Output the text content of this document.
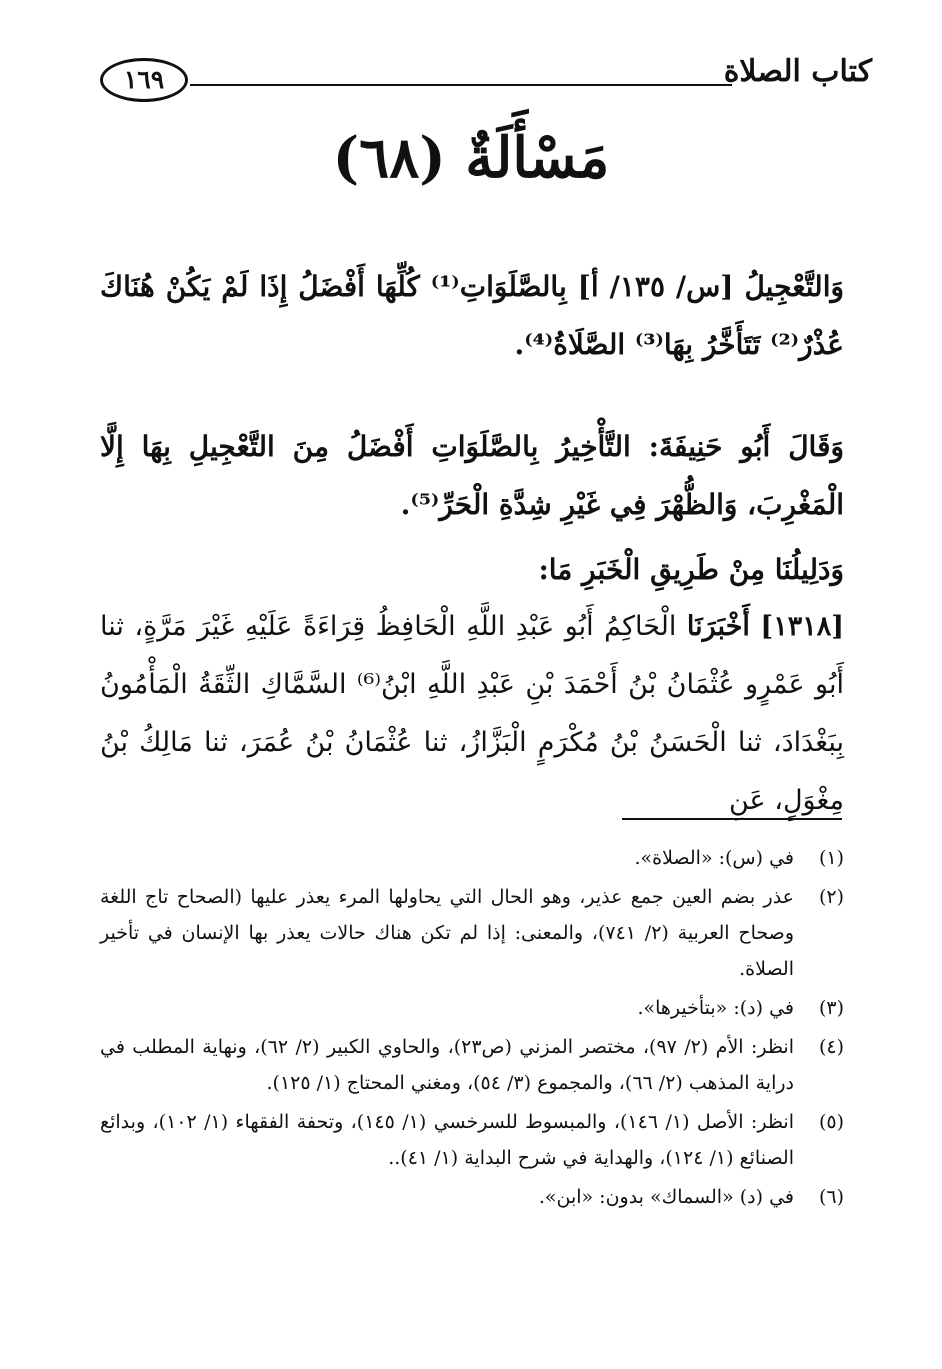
كتاب الصلاة
١٦٩
مَسْأَلَةٌ (٦٨)

وَالتَّعْجِيلُ [س/ ١٣٥/ أ] بِالصَّلَوَاتِ⁽¹⁾ كُلِّهَا أَفْضَلُ إِذَا لَمْ يَكُنْ هُنَاكَ عُذْرٌ⁽²⁾ تَتَأَخَّرُ بِهَا⁽³⁾ الصَّلَاةُ⁽⁴⁾.

وَقَالَ أَبُو حَنِيفَةَ: التَّأْخِيرُ بِالصَّلَوَاتِ أَفْضَلُ مِنَ التَّعْجِيلِ بِهَا إِلَّا الْمَغْرِبَ، وَالظُّهْرَ فِي غَيْرِ شِدَّةِ الْحَرِّ⁽⁵⁾.

وَدَلِيلُنَا مِنْ طَرِيقِ الْخَبَرِ مَا:

[١٣١٨] أَخْبَرَنَا الْحَاكِمُ أَبُو عَبْدِ اللَّهِ الْحَافِظُ قِرَاءَةً عَلَيْهِ غَيْرَ مَرَّةٍ، ثنا أَبُو عَمْرٍو عُثْمَانُ بْنُ أَحْمَدَ بْنِ عَبْدِ اللَّهِ ابْنُ⁽⁶⁾ السَّمَّاكِ الثِّقَةُ الْمَأْمُونُ بِبَغْدَادَ، ثنا الْحَسَنُ بْنُ مُكْرَمٍ الْبَزَّازُ، ثنا عُثْمَانُ بْنُ عُمَرَ، ثنا مَالِكُ بْنُ مِغْوَلٍ، عَنِ

(١)
في (س): «الصلاة».
(٢)
عذر بضم العين جمع عذير، وهو الحال التي يحاولها المرء يعذر عليها (الصحاح تاج اللغة وصحاح العربية (٢/ ٧٤١)، والمعنى: إذا لم تكن هناك حالات يعذر بها الإنسان في تأخير الصلاة.
(٣)
في (د): «بتأخيرها».
(٤)
انظر: الأم (٢/ ٩٧)، مختصر المزني (ص٢٣)، والحاوي الكبير (٢/ ٦٢)، ونهاية المطلب في دراية المذهب (٢/ ٦٦)، والمجموع (٣/ ٥٤)، ومغني المحتاج (١/ ١٢٥).
(٥)
انظر: الأصل (١/ ١٤٦)، والمبسوط للسرخسي (١/ ١٤٥)، وتحفة الفقهاء (١/ ١٠٢)، وبدائع الصنائع (١/ ١٢٤)، والهداية في شرح البداية (١/ ٤١)..
(٦)
في (د) «السماك» بدون: «ابن».
